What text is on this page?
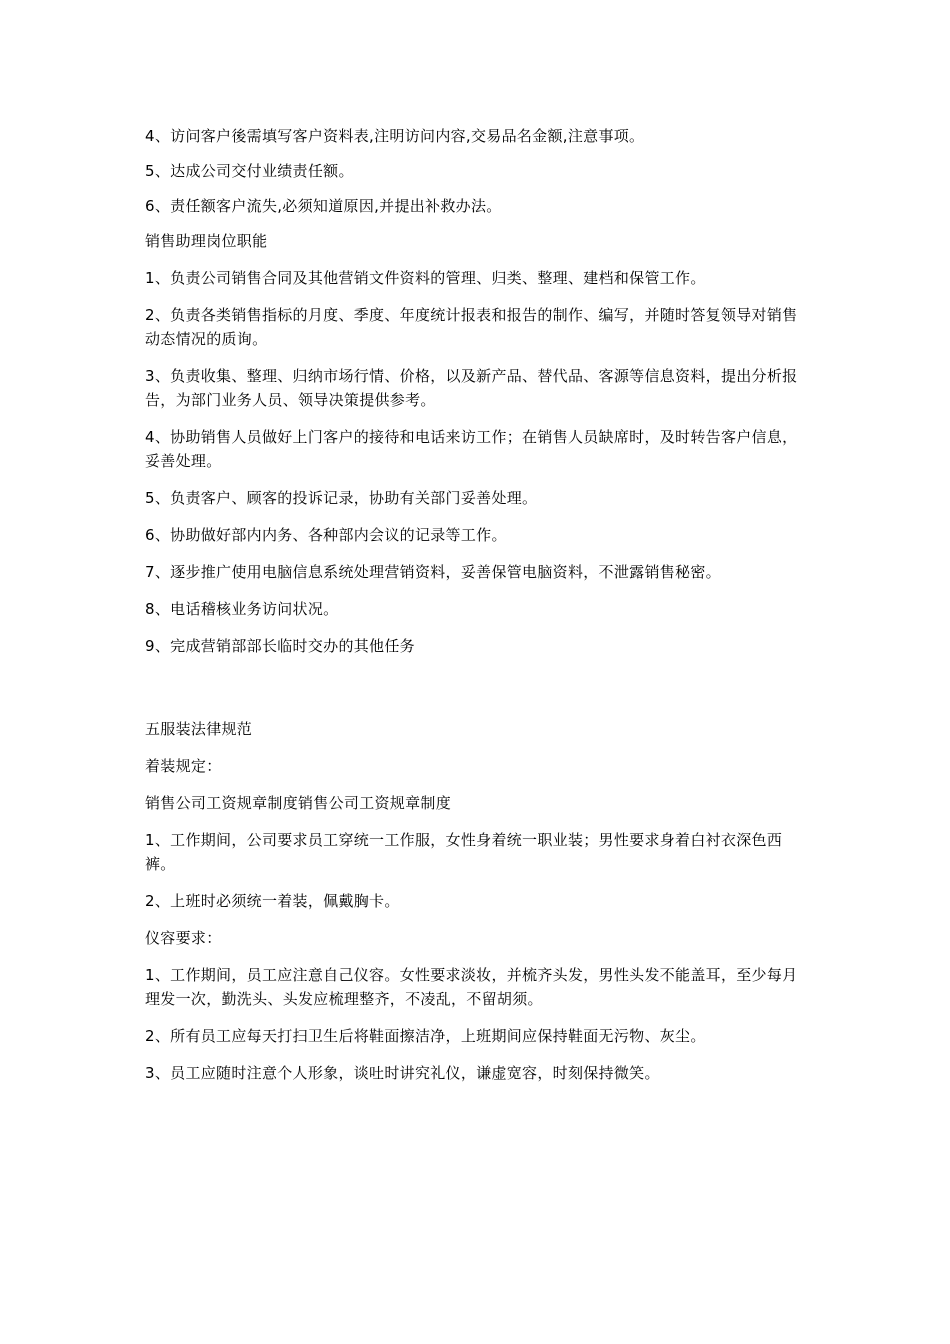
4、访问客户後需填写客户资料表,注明访问内容,交易品名金额,注意事项。

5、达成公司交付业绩责任额。

6、责任额客户流失,必须知道原因,并提出补救办法。

销售助理岗位职能

1、负责公司销售合同及其他营销文件资料的管理、归类、整理、建档和保管工作。

2、负责各类销售指标的月度、季度、年度统计报表和报告的制作、编写，并随时答复领导对销售动态情况的质询。

3、负责收集、整理、归纳市场行情、价格，以及新产品、替代品、客源等信息资料，提出分析报告，为部门业务人员、领导决策提供参考。

4、协助销售人员做好上门客户的接待和电话来访工作；在销售人员缺席时，及时转告客户信息，妥善处理。

5、负责客户、顾客的投诉记录，协助有关部门妥善处理。

6、协助做好部内内务、各种部内会议的记录等工作。

7、逐步推广使用电脑信息系统处理营销资料，妥善保管电脑资料，不泄露销售秘密。

8、电话稽核业务访问状况。

9、完成营销部部长临时交办的其他任务

五服装法律规范

着装规定：

销售公司工资规章制度销售公司工资规章制度

1、工作期间，公司要求员工穿统一工作服，女性身着统一职业装；男性要求身着白衬衣深色西裤。

2、上班时必须统一着装，佩戴胸卡。

仪容要求：

1、工作期间，员工应注意自己仪容。女性要求淡妆，并梳齐头发，男性头发不能盖耳，至少每月理发一次，勤洗头、头发应梳理整齐，不凌乱，不留胡须。

2、所有员工应每天打扫卫生后将鞋面擦洁净，上班期间应保持鞋面无污物、灰尘。

3、员工应随时注意个人形象，谈吐时讲究礼仪，谦虚宽容，时刻保持微笑。
